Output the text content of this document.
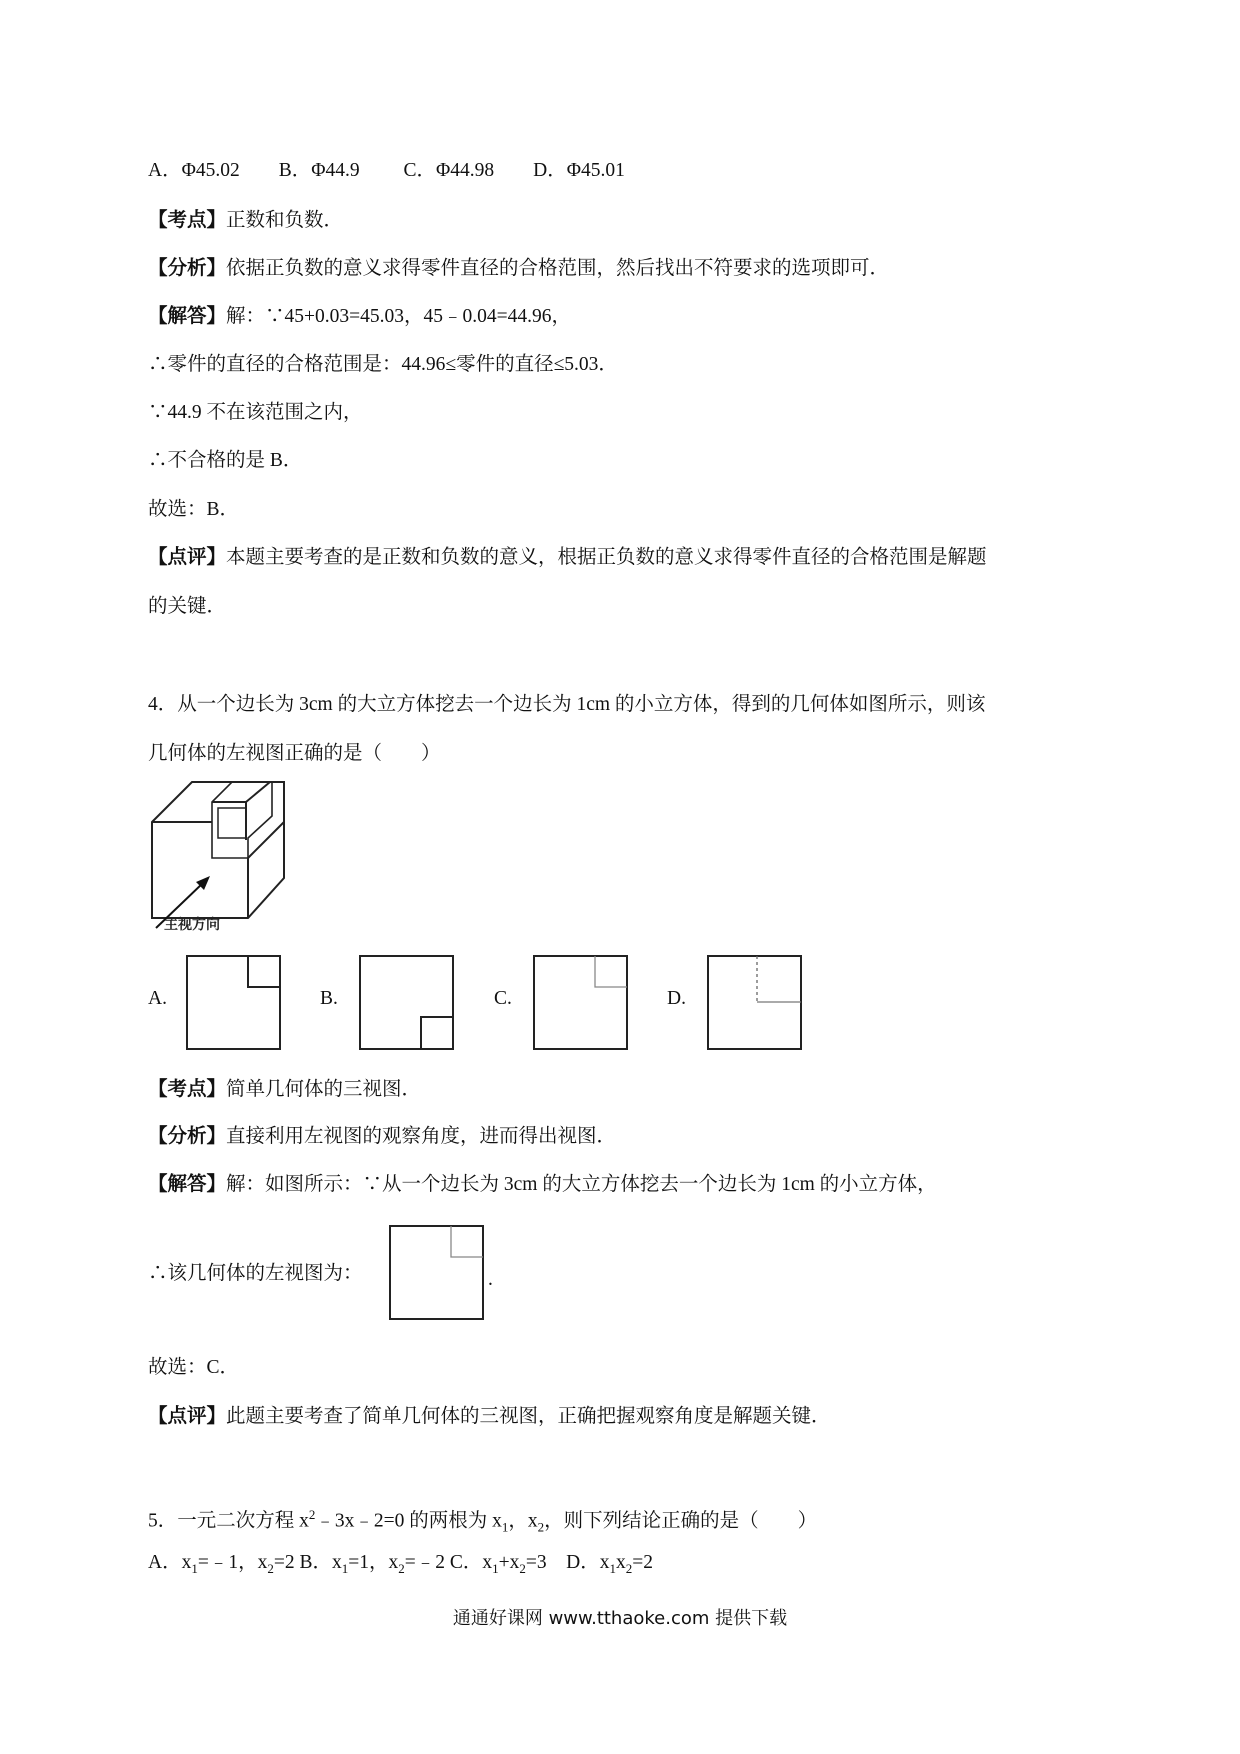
A．Φ45.02　　B．Φ44.9　　 C．Φ44.98　　D．Φ45.01
【考点】正数和负数．
【分析】依据正负数的意义求得零件直径的合格范围，然后找出不符要求的选项即可．
【解答】解：∵45+0.03=45.03，45﹣0.04=44.96，
∴零件的直径的合格范围是：44.96≤零件的直径≤5.03．
∵44.9 不在该范围之内，
∴不合格的是 B．
故选：B．
【点评】本题主要考查的是正数和负数的意义，根据正负数的意义求得零件直径的合格范围是解题
的关键．
4．从一个边长为 3cm 的大立方体挖去一个边长为 1cm 的小立方体，得到的几何体如图所示，则该
几何体的左视图正确的是（　　）
主视方向
A.	B.	C.	D.
【考点】简单几何体的三视图．
【分析】直接利用左视图的观察角度，进而得出视图．
【解答】解：如图所示：∵从一个边长为 3cm 的大立方体挖去一个边长为 1cm 的小立方体，
∴该几何体的左视图为：	.
故选：C．
【点评】此题主要考查了简单几何体的三视图，正确把握观察角度是解题关键．
5．一元二次方程 $x^2﹣3x﹣2=0$ 的两根为 $x_1$，$x_2$，则下列结论正确的是（　　）
A．$x_1=﹣1$，$x_2=2$ B．$x_1=1$，$x_2=﹣2$ C．$x_1+x_2=3$　D．$x_1x_2=2$
通通好课网 www.tthaoke.com 提供下载
